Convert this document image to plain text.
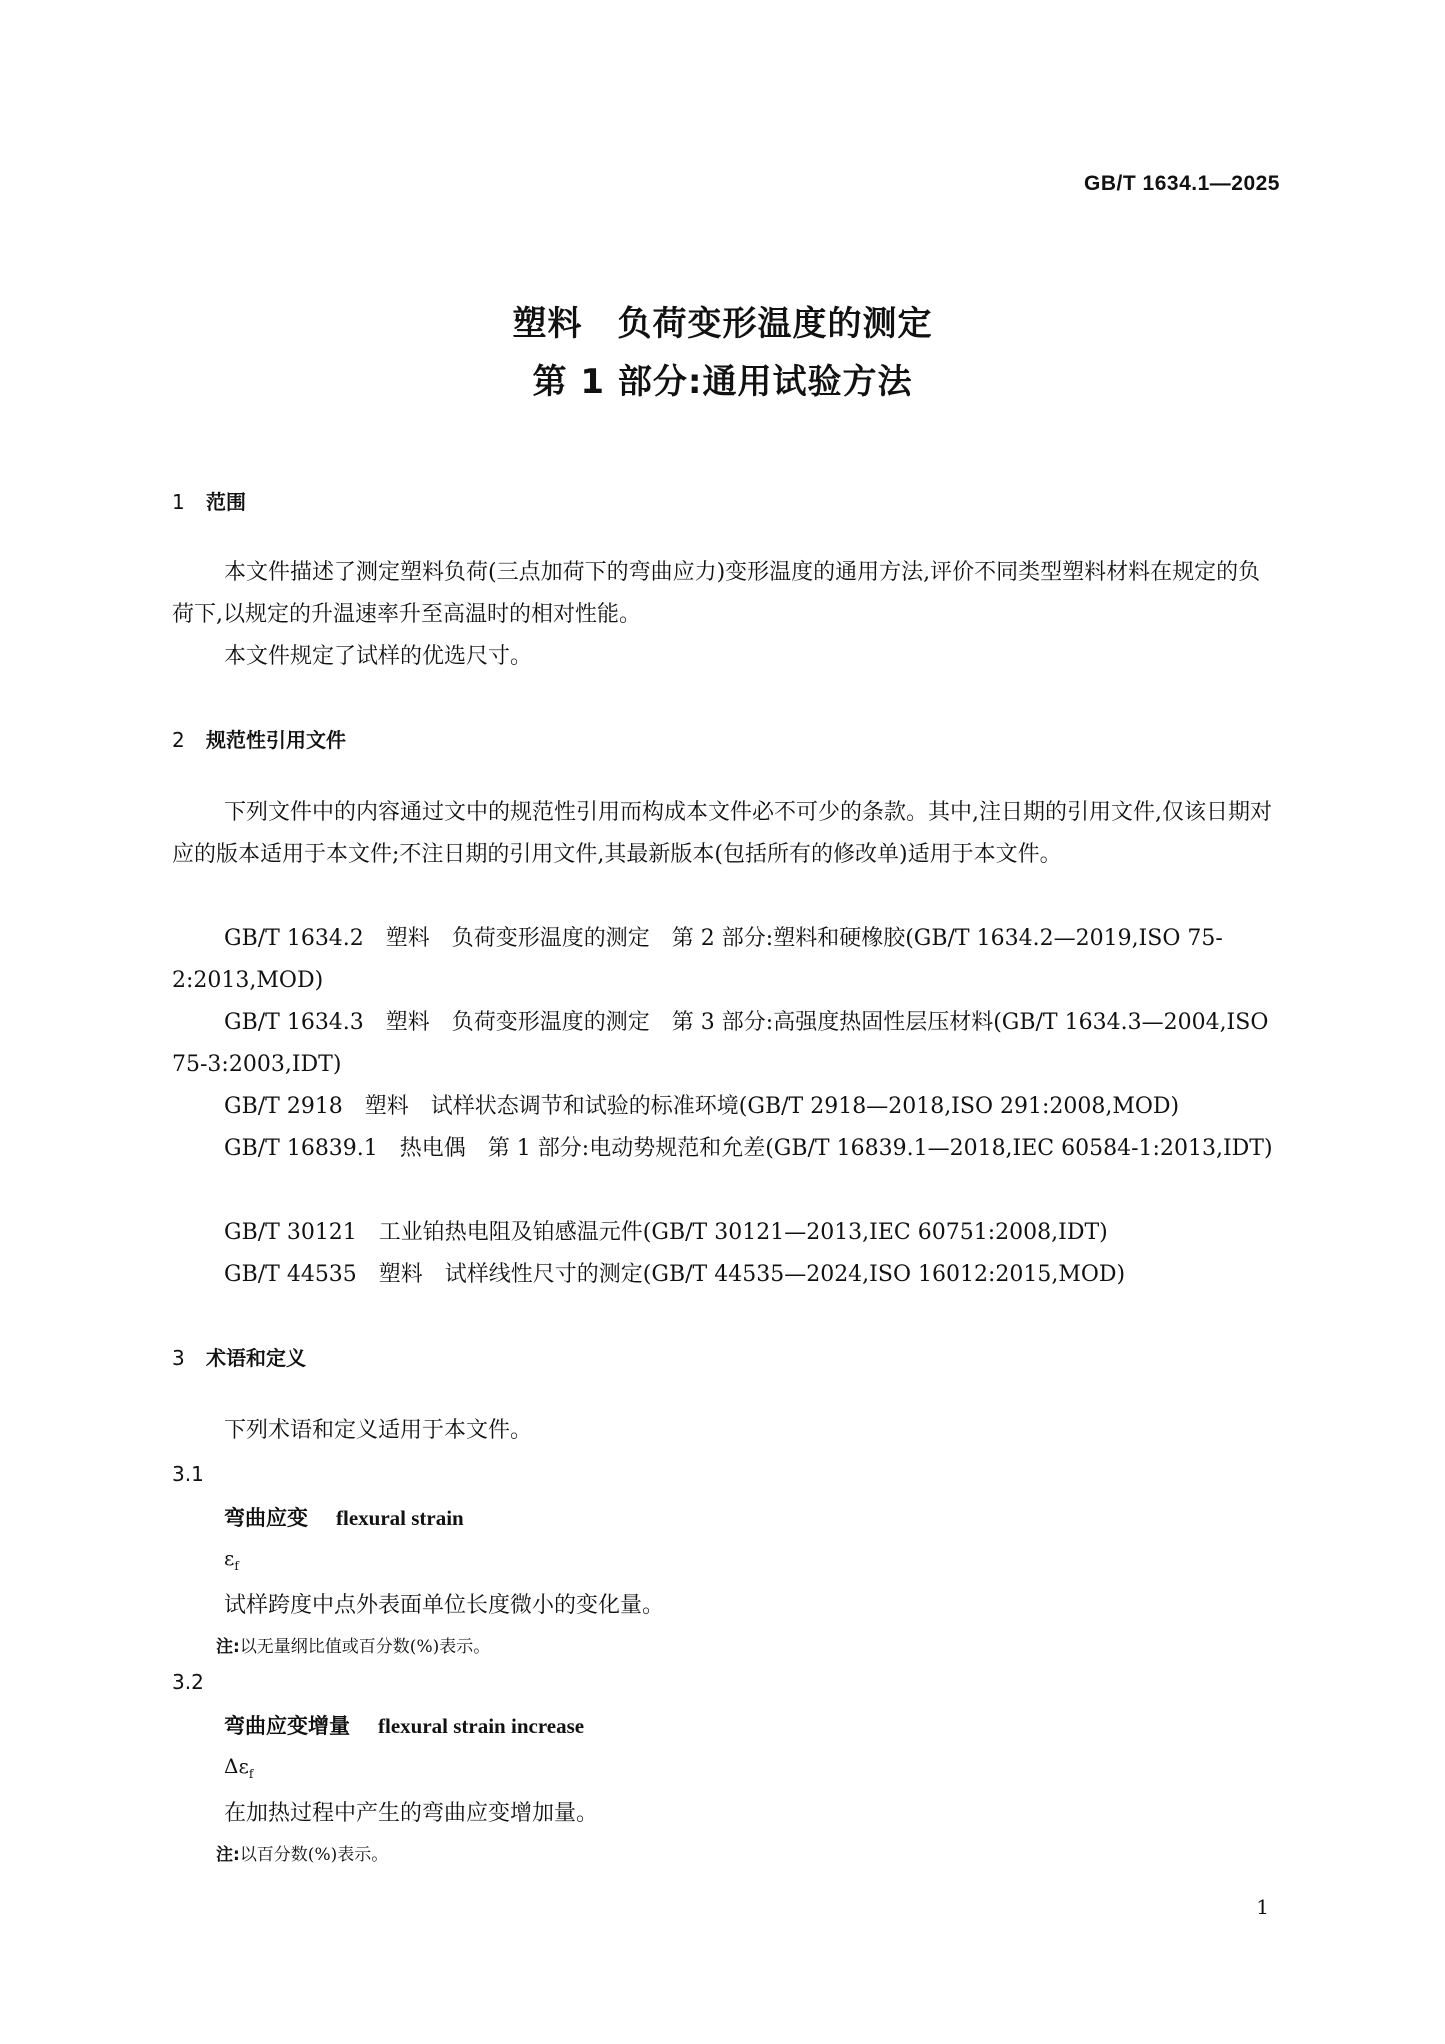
GB/T 1634.1—2025
塑料　负荷变形温度的测定
第 1 部分:通用试验方法
1 范围
本文件描述了测定塑料负荷(三点加荷下的弯曲应力)变形温度的通用方法,评价不同类型塑料材料在规定的负荷下,以规定的升温速率升至高温时的相对性能。
本文件规定了试样的优选尺寸。
2 规范性引用文件
下列文件中的内容通过文中的规范性引用而构成本文件必不可少的条款。其中,注日期的引用文件,仅该日期对应的版本适用于本文件;不注日期的引用文件,其最新版本(包括所有的修改单)适用于本文件。
GB/T 1634.2　塑料　负荷变形温度的测定　第 2 部分:塑料和硬橡胶(GB/T 1634.2—2019,ISO 75-2:2013,MOD)
GB/T 1634.3　塑料　负荷变形温度的测定　第 3 部分:高强度热固性层压材料(GB/T 1634.3—2004,ISO 75-3:2003,IDT)
GB/T 2918　塑料　试样状态调节和试验的标准环境(GB/T 2918—2018,ISO 291:2008,MOD)
GB/T 16839.1　热电偶　第 1 部分:电动势规范和允差(GB/T 16839.1—2018,IEC 60584-1:2013,IDT)
GB/T 30121　工业铂热电阻及铂感温元件(GB/T 30121—2013,IEC 60751:2008,IDT)
GB/T 44535　塑料　试样线性尺寸的测定(GB/T 44535—2024,ISO 16012:2015,MOD)
3 术语和定义
下列术语和定义适用于本文件。
3.1
弯曲应变 flexural strain
$\varepsilon_f$
试样跨度中点外表面单位长度微小的变化量。
注:以无量纲比值或百分数(%)表示。
3.2
弯曲应变增量 flexural strain increase
$\Delta\varepsilon_f$
在加热过程中产生的弯曲应变增加量。
注:以百分数(%)表示。
1
